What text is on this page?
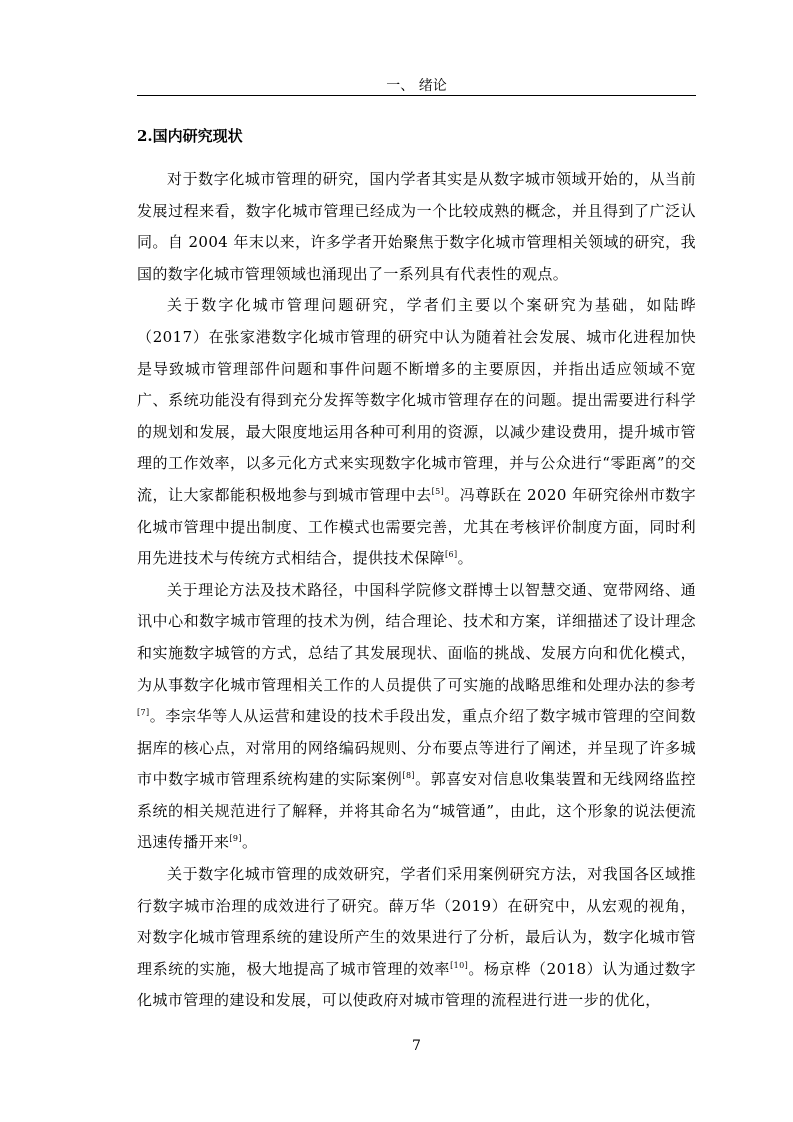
一、 绪论
2.国内研究现状

对于数字化城市管理的研究，国内学者其实是从数字城市领域开始的，从当前发展过程来看，数字化城市管理已经成为一个比较成熟的概念，并且得到了广泛认同。自 2004 年末以来，许多学者开始聚焦于数字化城市管理相关领域的研究，我国的数字化城市管理领域也涌现出了一系列具有代表性的观点。

关于数字化城市管理问题研究，学者们主要以个案研究为基础，如陆晔（2017）在张家港数字化城市管理的研究中认为随着社会发展、城市化进程加快是导致城市管理部件问题和事件问题不断增多的主要原因，并指出适应领域不宽广、系统功能没有得到充分发挥等数字化城市管理存在的问题。提出需要进行科学的规划和发展，最大限度地运用各种可利用的资源，以减少建设费用，提升城市管理的工作效率，以多元化方式来实现数字化城市管理，并与公众进行“零距离”的交流，让大家都能积极地参与到城市管理中去[5]。冯尊跃在 2020 年研究徐州市数字化城市管理中提出制度、工作模式也需要完善，尤其在考核评价制度方面，同时利用先进技术与传统方式相结合，提供技术保障[6]。

关于理论方法及技术路径，中国科学院修文群博士以智慧交通、宽带网络、通讯中心和数字城市管理的技术为例，结合理论、技术和方案，详细描述了设计理念和实施数字城管的方式，总结了其发展现状、面临的挑战、发展方向和优化模式，为从事数字化城市管理相关工作的人员提供了可实施的战略思维和处理办法的参考[7]。李宗华等人从运营和建设的技术手段出发，重点介绍了数字城市管理的空间数据库的核心点，对常用的网络编码规则、分布要点等进行了阐述，并呈现了许多城市中数字城市管理系统构建的实际案例[8]。郭喜安对信息收集装置和无线网络监控系统的相关规范进行了解释，并将其命名为“城管通”，由此，这个形象的说法便流迅速传播开来[9]。

关于数字化城市管理的成效研究，学者们采用案例研究方法，对我国各区域推行数字城市治理的成效进行了研究。薛万华（2019）在研究中，从宏观的视角，对数字化城市管理系统的建设所产生的效果进行了分析，最后认为，数字化城市管理系统的实施，极大地提高了城市管理的效率[10]。杨京桦（2018）认为通过数字化城市管理的建设和发展，可以使政府对城市管理的流程进行进一步的优化，

7
